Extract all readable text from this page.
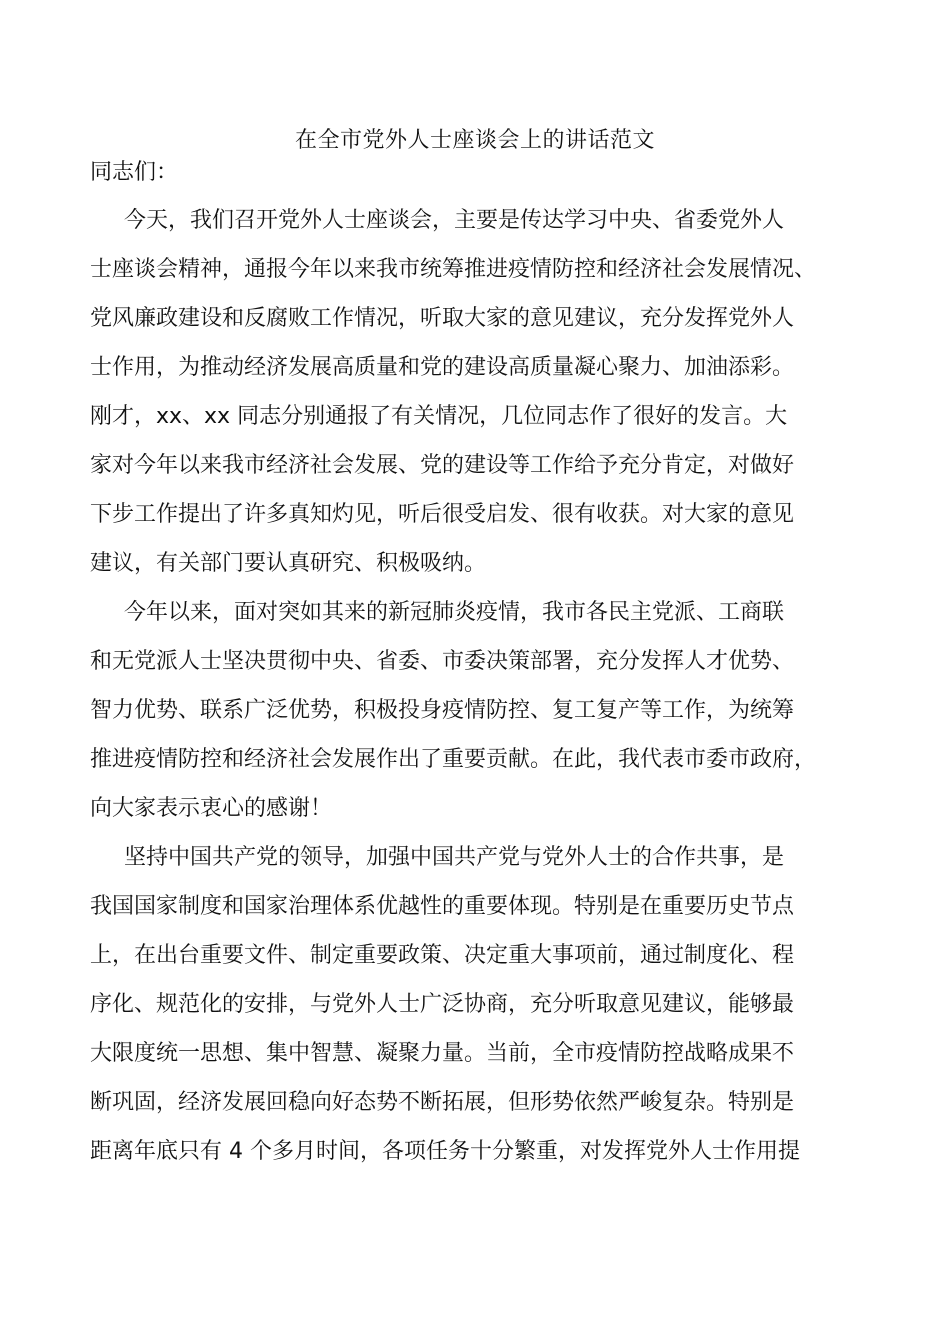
在全市党外人士座谈会上的讲话范文
同志们：
今天，我们召开党外人士座谈会，主要是传达学习中央、省委党外人
士座谈会精神，通报今年以来我市统筹推进疫情防控和经济社会发展情况、
党风廉政建设和反腐败工作情况，听取大家的意见建议，充分发挥党外人
士作用，为推动经济发展高质量和党的建设高质量凝心聚力、加油添彩。
刚才，xx、xx 同志分别通报了有关情况，几位同志作了很好的发言。大
家对今年以来我市经济社会发展、党的建设等工作给予充分肯定，对做好
下步工作提出了许多真知灼见，听后很受启发、很有收获。对大家的意见
建议，有关部门要认真研究、积极吸纳。
今年以来，面对突如其来的新冠肺炎疫情，我市各民主党派、工商联
和无党派人士坚决贯彻中央、省委、市委决策部署，充分发挥人才优势、
智力优势、联系广泛优势，积极投身疫情防控、复工复产等工作，为统筹
推进疫情防控和经济社会发展作出了重要贡献。在此，我代表市委市政府，
向大家表示衷心的感谢！
坚持中国共产党的领导，加强中国共产党与党外人士的合作共事，是
我国国家制度和国家治理体系优越性的重要体现。特别是在重要历史节点
上，在出台重要文件、制定重要政策、决定重大事项前，通过制度化、程
序化、规范化的安排，与党外人士广泛协商，充分听取意见建议，能够最
大限度统一思想、集中智慧、凝聚力量。当前，全市疫情防控战略成果不
断巩固，经济发展回稳向好态势不断拓展，但形势依然严峻复杂。特别是
距离年底只有 4 个多月时间，各项任务十分繁重，对发挥党外人士作用提
